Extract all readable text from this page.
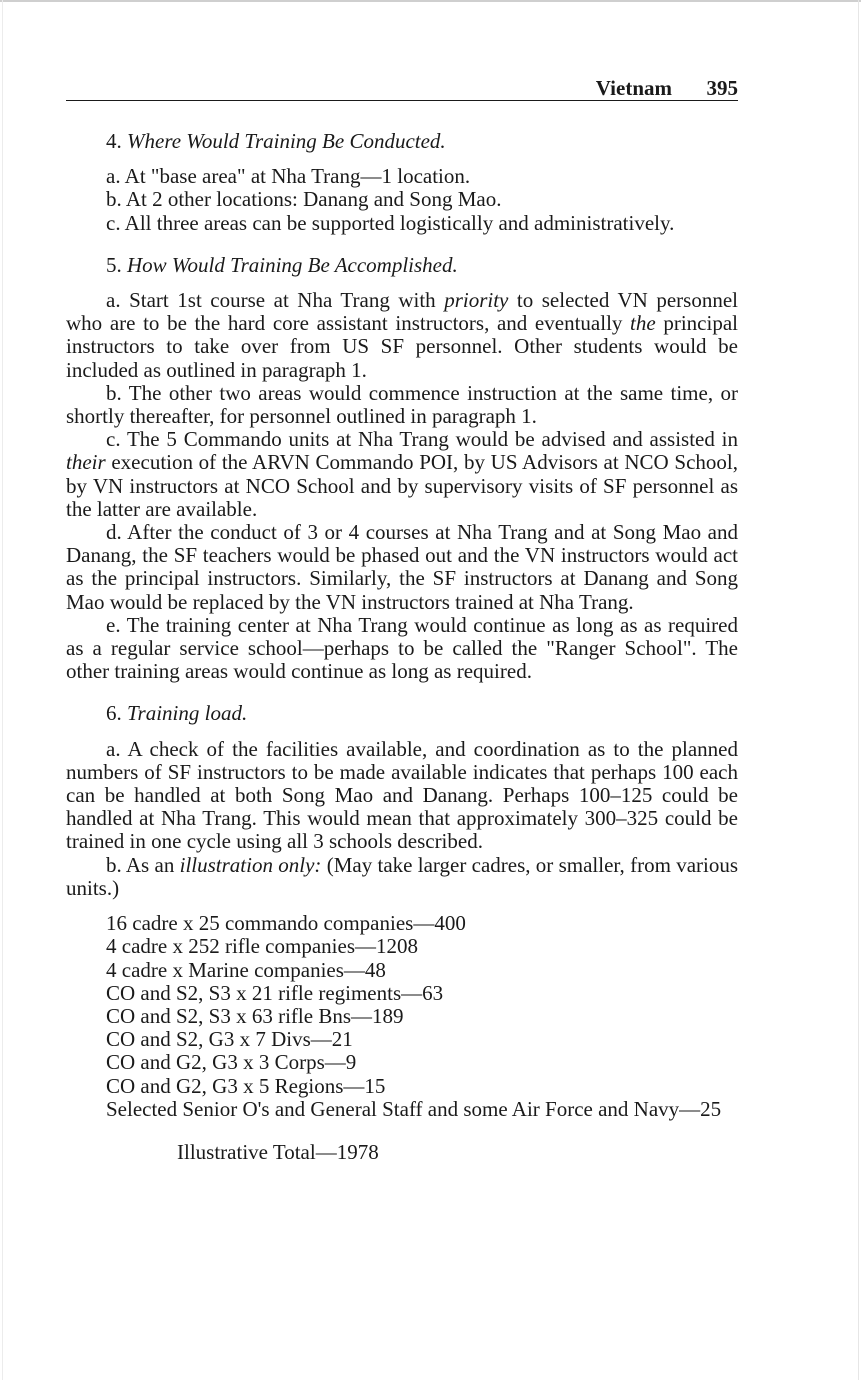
Vietnam 395

4. Where Would Training Be Conducted.

a. At "base area" at Nha Trang—1 location.

b. At 2 other locations: Danang and Song Mao.

c. All three areas can be supported logistically and administratively.

5. How Would Training Be Accomplished.

a. Start 1st course at Nha Trang with priority to selected VN personnel who are to be the hard core assistant instructors, and eventually the principal instructors to take over from US SF personnel. Other students would be included as outlined in paragraph 1.

b. The other two areas would commence instruction at the same time, or shortly thereafter, for personnel outlined in paragraph 1.

c. The 5 Commando units at Nha Trang would be advised and assisted in their execution of the ARVN Commando POI, by US Advisors at NCO School, by VN instructors at NCO School and by supervisory visits of SF personnel as the latter are available.

d. After the conduct of 3 or 4 courses at Nha Trang and at Song Mao and Danang, the SF teachers would be phased out and the VN instructors would act as the principal instructors. Similarly, the SF instructors at Danang and Song Mao would be replaced by the VN instructors trained at Nha Trang.

e. The training center at Nha Trang would continue as long as as required as a regular service school—perhaps to be called the "Ranger School". The other training areas would continue as long as required.

6. Training load.

a. A check of the facilities available, and coordination as to the planned numbers of SF instructors to be made available indicates that perhaps 100 each can be handled at both Song Mao and Danang. Perhaps 100–125 could be handled at Nha Trang. This would mean that approximately 300–325 could be trained in one cycle using all 3 schools described.

b. As an illustration only: (May take larger cadres, or smaller, from various units.)

16 cadre x 25 commando companies—400
4 cadre x 252 rifle companies—1208
4 cadre x Marine companies—48
CO and S2, S3 x 21 rifle regiments—63
CO and S2, S3 x 63 rifle Bns—189
CO and S2, G3 x 7 Divs—21
CO and G2, G3 x 3 Corps—9
CO and G2, G3 x 5 Regions—15
Selected Senior O's and General Staff and some Air Force and Navy—25
Illustrative Total—1978
